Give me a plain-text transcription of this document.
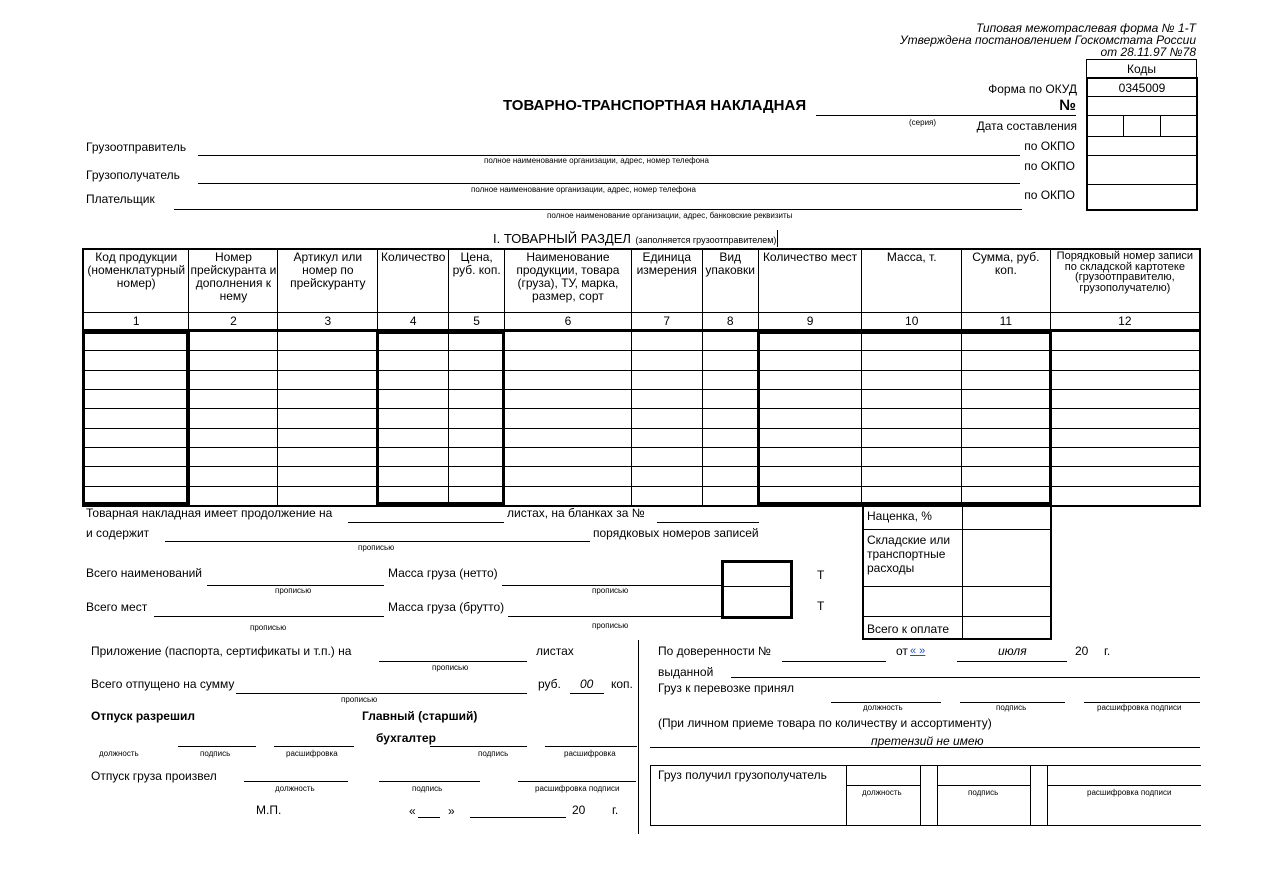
Типовая межотраслевая форма № 1-Т
Утверждена постановлением Госкомстата России
от 28.11.97 №78
Коды
0345009
Форма по ОКУД
№
Дата составления
по ОКПО
по ОКПО
по ОКПО
ТОВАРНО-ТРАНСПОРТНАЯ НАКЛАДНАЯ
(серия)
Грузоотправитель
полное наименование организации, адрес, номер телефона
Грузополучатель
полное наименование организации, адрес, номер телефона
Плательщик
полное наименование организации, адрес, банковские реквизиты
I. ТОВАРНЫЙ РАЗДЕЛ (заполняется грузоотправителем)
Код продукции (номенклатурный номер)	Номер прейскуранта и дополнения к нему	Артикул или номер по прейскуранту	Количество	Цена, руб. коп.	Наименование продукции, товара (груза), ТУ, марка, размер, сорт	Единица измерения	Вид упаковки	Количество мест	Масса, т.	Сумма, руб. коп.	Порядковый номер записи по складской картотеке (грузоотправителю, грузополучателю)
1	2	3	4	5	6	7	8	9	10	11	12

Товарная накладная имеет продолжение на	листах, на бланках за №
и содержит	порядковых номеров записей
прописью
Всего наименований
прописью
Масса груза (нетто)
прописью
Всего мест
прописью
Масса груза (брутто)
прописью
Т
Т
Наценка, %
Складские или транспортные расходы
Всего к оплате
Приложение (паспорта, сертификаты и т.п.) на
прописью
листах
Всего отпущено на сумму
прописью
руб. 00 коп.
Отпуск разрешил	Главный (старший)
бухгалтер
должность	подпись	расшифровка	подпись	расшифровка
Отпуск груза произвел
должность	подпись	расшифровка подписи
М.П.	«	»	20 г.
По доверенности №	от « »	июля	20 г.
выданной
Груз к перевозке принял
должность	подпись	расшифровка подписи
(При личном приеме товара по количеству и ассортименту)
претензий не имею
Груз получил грузополучатель
должность	подпись	расшифровка подписи
